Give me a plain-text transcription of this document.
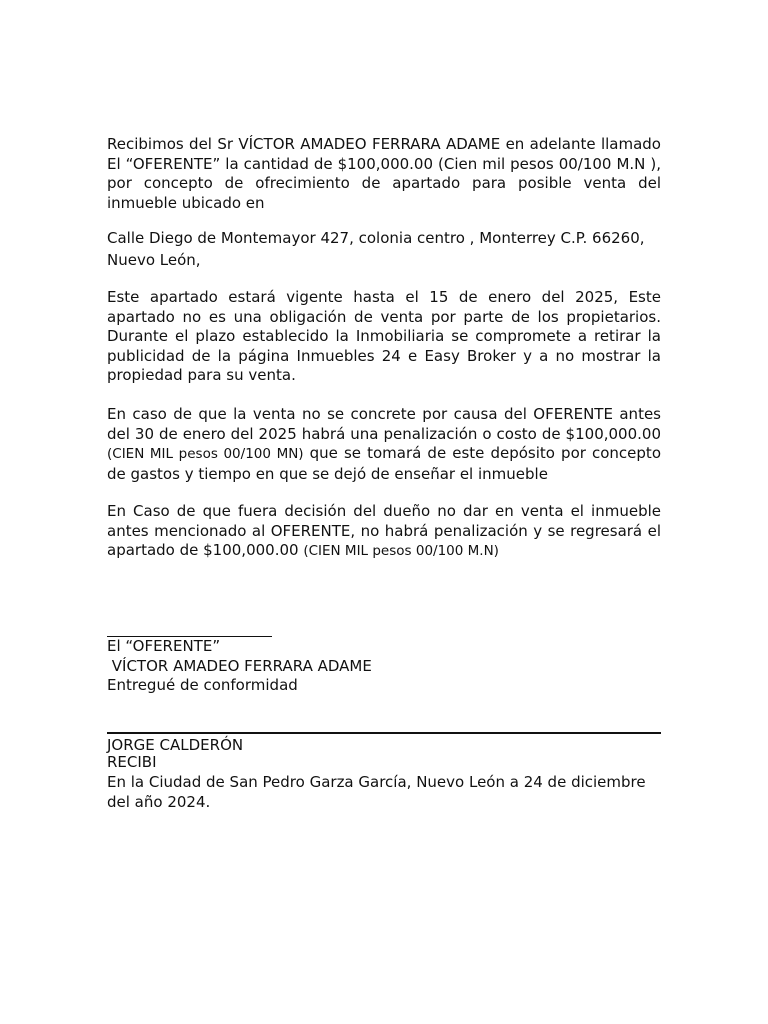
Recibimos del Sr VÍCTOR AMADEO FERRARA ADAME en adelante llamado El “OFERENTE” la cantidad de $100,000.00 (Cien mil pesos 00/100 M.N ), por concepto de ofrecimiento de apartado para posible venta del inmueble ubicado en

Calle Diego de Montemayor 427, colonia centro , Monterrey C.P. 66260, Nuevo León,

Este apartado estará vigente hasta el 15 de enero del 2025, Este apartado no es una obligación de venta por parte de los propietarios. Durante el plazo establecido la Inmobiliaria se compromete a retirar la publicidad de la página Inmuebles 24 e Easy Broker y a no mostrar la propiedad para su venta.

En caso de que la venta no se concrete por causa del OFERENTE antes del 30 de enero del 2025 habrá una penalización o costo de $100,000.00 (CIEN MIL pesos 00/100 MN) que se tomará de este depósito por concepto de gastos y tiempo en que se dejó de enseñar el inmueble

En Caso de que fuera decisión del dueño no dar en venta el inmueble antes mencionado al OFERENTE, no habrá penalización y se regresará el apartado de $100,000.00 (CIEN MIL pesos 00/100 M.N)

El “OFERENTE”

VÍCTOR AMADEO FERRARA ADAME

Entregué de conformidad

JORGE CALDERÓN

RECIBI

En la Ciudad de San Pedro Garza García, Nuevo León a 24 de diciembre del año 2024.
